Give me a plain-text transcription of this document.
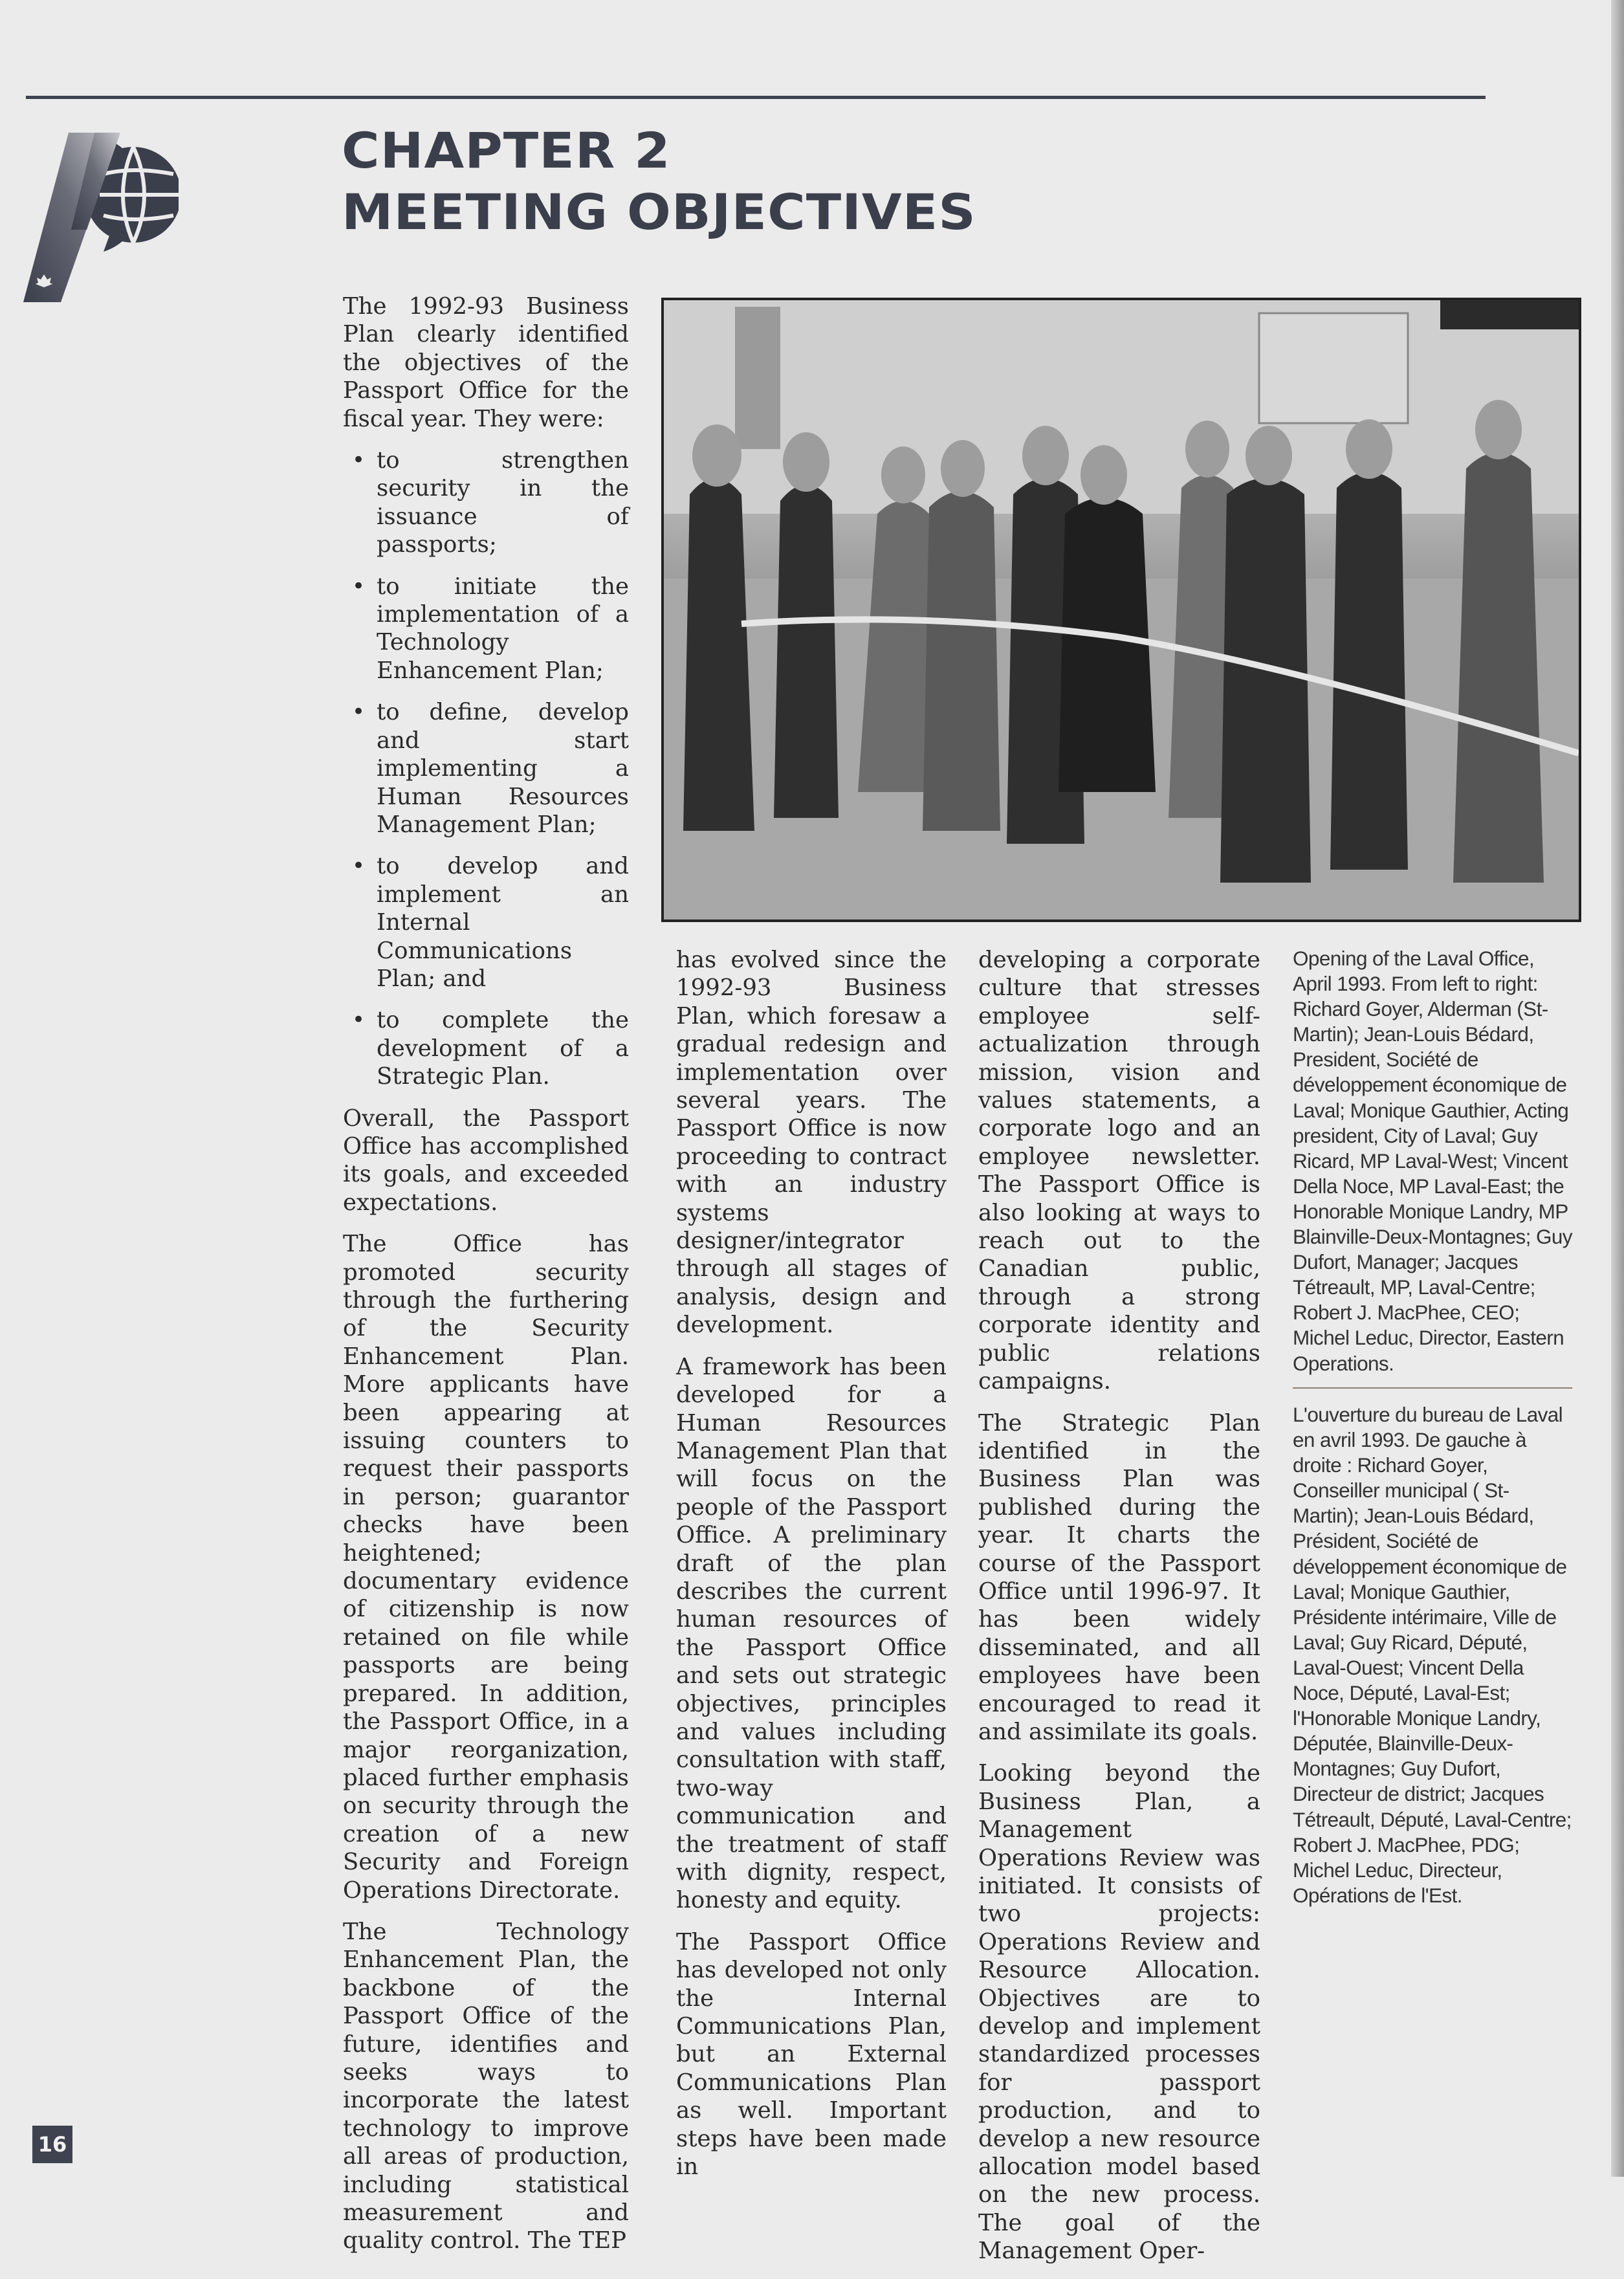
CHAPTER 2
MEETING OBJECTIVES

The 1992-93 Business Plan clearly identified the objectives of the Passport Office for the fiscal year. They were:

• to strengthen security in the issuance of passports;
• to initiate the implementation of a Technology Enhancement Plan;
• to define, develop and start implementing a Human Resources Management Plan;
• to develop and implement an Internal Communications Plan; and
• to complete the development of a Strategic Plan.

Overall, the Passport Office has accomplished its goals, and exceeded expectations.

The Office has promoted security through the furthering of the Security Enhancement Plan. More applicants have been appearing at issuing counters to request their passports in person; guarantor checks have been heightened; documentary evidence of citizenship is now retained on file while passports are being prepared. In addition, the Passport Office, in a major reorganization, placed further emphasis on security through the creation of a new Security and Foreign Operations Directorate.

The Technology Enhancement Plan, the backbone of the Passport Office of the future, identifies and seeks ways to incorporate the latest technology to improve all areas of production, including statistical measurement and quality control. The TEP

has evolved since the 1992-93 Business Plan, which foresaw a gradual redesign and implementation over several years. The Passport Office is now proceeding to contract with an industry systems designer/integrator through all stages of analysis, design and development.

A framework has been developed for a Human Resources Management Plan that will focus on the people of the Passport Office. A preliminary draft of the plan describes the current human resources of the Passport Office and sets out strategic objectives, principles and values including consultation with staff, two-way communication and the treatment of staff with dignity, respect, honesty and equity.

The Passport Office has developed not only the Internal Communications Plan, but an External Communications Plan as well. Important steps have been made in

developing a corporate culture that stresses employee self-actualization through mission, vision and values statements, a corporate logo and an employee newsletter. The Passport Office is also looking at ways to reach out to the Canadian public, through a strong corporate identity and public relations campaigns.

The Strategic Plan identified in the Business Plan was published during the year. It charts the course of the Passport Office until 1996-97. It has been widely disseminated, and all employees have been encouraged to read it and assimilate its goals.

Looking beyond the Business Plan, a Management Operations Review was initiated. It consists of two projects: Operations Review and Resource Allocation. Objectives are to develop and implement standardized processes for passport production, and to develop a new resource allocation model based on the new process. The goal of the Management Oper-

Opening of the Laval Office, April 1993. From left to right: Richard Goyer, Alderman (St-Martin); Jean-Louis Bédard, President, Société de développement économique de Laval; Monique Gauthier, Acting president, City of Laval; Guy Ricard, MP Laval-West; Vincent Della Noce, MP Laval-East; the Honorable Monique Landry, MP Blainville-Deux-Montagnes; Guy Dufort, Manager; Jacques Tétreault, MP, Laval-Centre; Robert J. MacPhee, CEO; Michel Leduc, Director, Eastern Operations.
L'ouverture du bureau de Laval en avril 1993. De gauche à droite : Richard Goyer, Conseiller municipal ( St-Martin); Jean-Louis Bédard, Président, Société de développement économique de Laval; Monique Gauthier, Présidente intérimaire, Ville de Laval; Guy Ricard, Député, Laval-Ouest; Vincent Della Noce, Député, Laval-Est; l'Honorable Monique Landry, Députée, Blainville-Deux-Montagnes; Guy Dufort, Directeur de district; Jacques Tétreault, Député, Laval-Centre; Robert J. MacPhee, PDG; Michel Leduc, Directeur, Opérations de l'Est.
16
